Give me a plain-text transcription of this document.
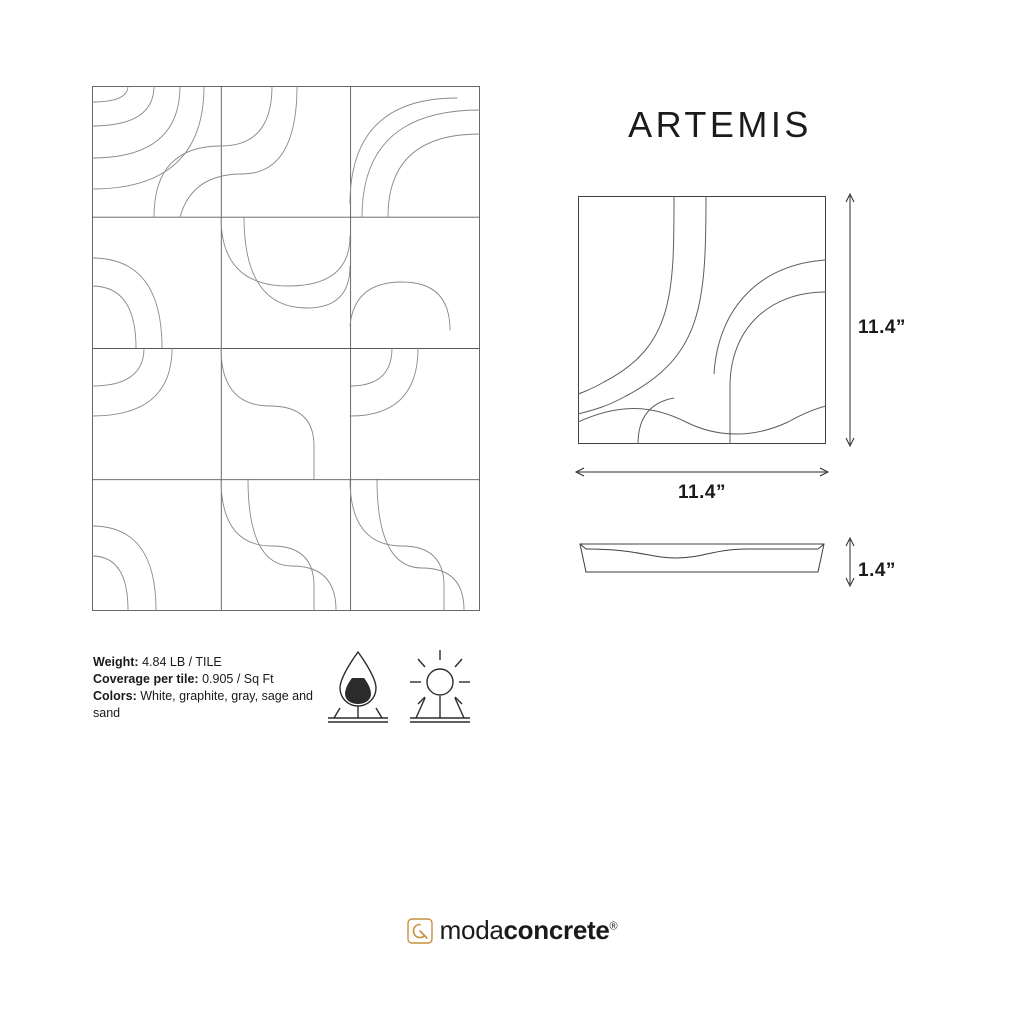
ARTEMIS
11.4”
11.4”
1.4”
Weight: 4.84 LB / TILE
Coverage per tile: 0.905 / Sq Ft
Colors: White, graphite, gray, sage and sand
modaconcrete®
